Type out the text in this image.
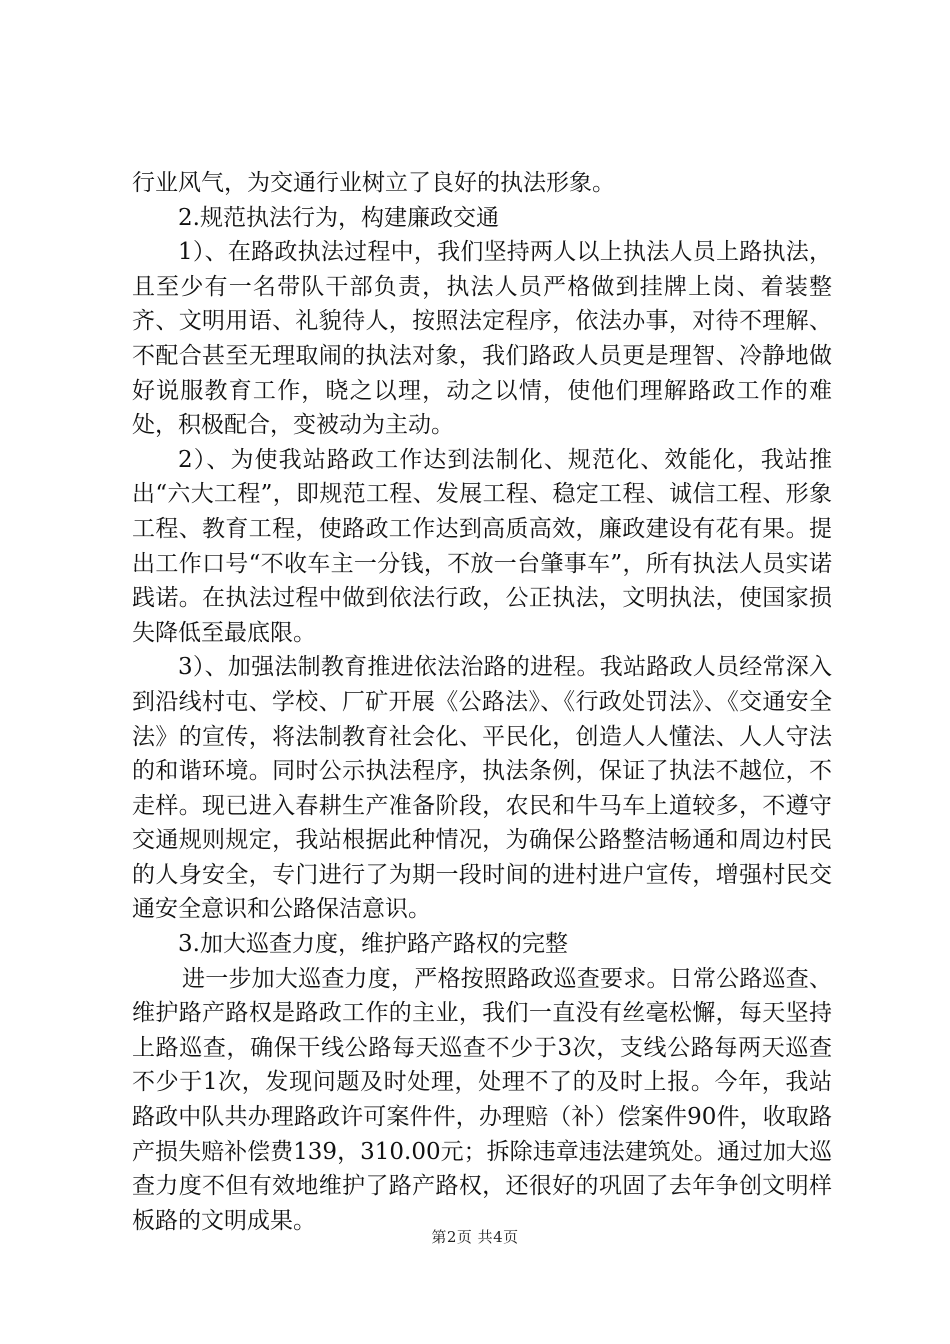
行业风气，为交通行业树立了良好的执法形象。

2.规范执法行为，构建廉政交通

1）、在路政执法过程中，我们坚持两人以上执法人员上路执法，且至少有一名带队干部负责，执法人员严格做到挂牌上岗、着装整齐、文明用语、礼貌待人，按照法定程序，依法办事，对待不理解、不配合甚至无理取闹的执法对象，我们路政人员更是理智、冷静地做好说服教育工作，晓之以理，动之以情，使他们理解路政工作的难处，积极配合，变被动为主动。

2）、为使我站路政工作达到法制化、规范化、效能化，我站推出“六大工程”，即规范工程、发展工程、稳定工程、诚信工程、形象工程、教育工程，使路政工作达到高质高效，廉政建设有花有果。提出工作口号“不收车主一分钱，不放一台肇事车”，所有执法人员实诺践诺。在执法过程中做到依法行政，公正执法，文明执法，使国家损失降低至最底限。

3）、加强法制教育推进依法治路的进程。我站路政人员经常深入到沿线村屯、学校、厂矿开展《公路法》、《行政处罚法》、《交通安全法》的宣传，将法制教育社会化、平民化，创造人人懂法、人人守法的和谐环境。同时公示执法程序，执法条例，保证了执法不越位，不走样。现已进入春耕生产准备阶段，农民和牛马车上道较多，不遵守交通规则规定，我站根据此种情况，为确保公路整洁畅通和周边村民的人身安全，专门进行了为期一段时间的进村进户宣传，增强村民交通安全意识和公路保洁意识。

3.加大巡查力度，维护路产路权的完整

进一步加大巡查力度，严格按照路政巡查要求。日常公路巡查、维护路产路权是路政工作的主业，我们一直没有丝毫松懈，每天坚持上路巡查，确保干线公路每天巡查不少于3次，支线公路每两天巡查不少于1次，发现问题及时处理，处理不了的及时上报。今年，我站路政中队共办理路政许可案件件，办理赔（补）偿案件90件，收取路产损失赔补偿费139，310.00元；拆除违章违法建筑处。通过加大巡查力度不但有效地维护了路产路权，还很好的巩固了去年争创文明样板路的文明成果。

第2页 共4页
